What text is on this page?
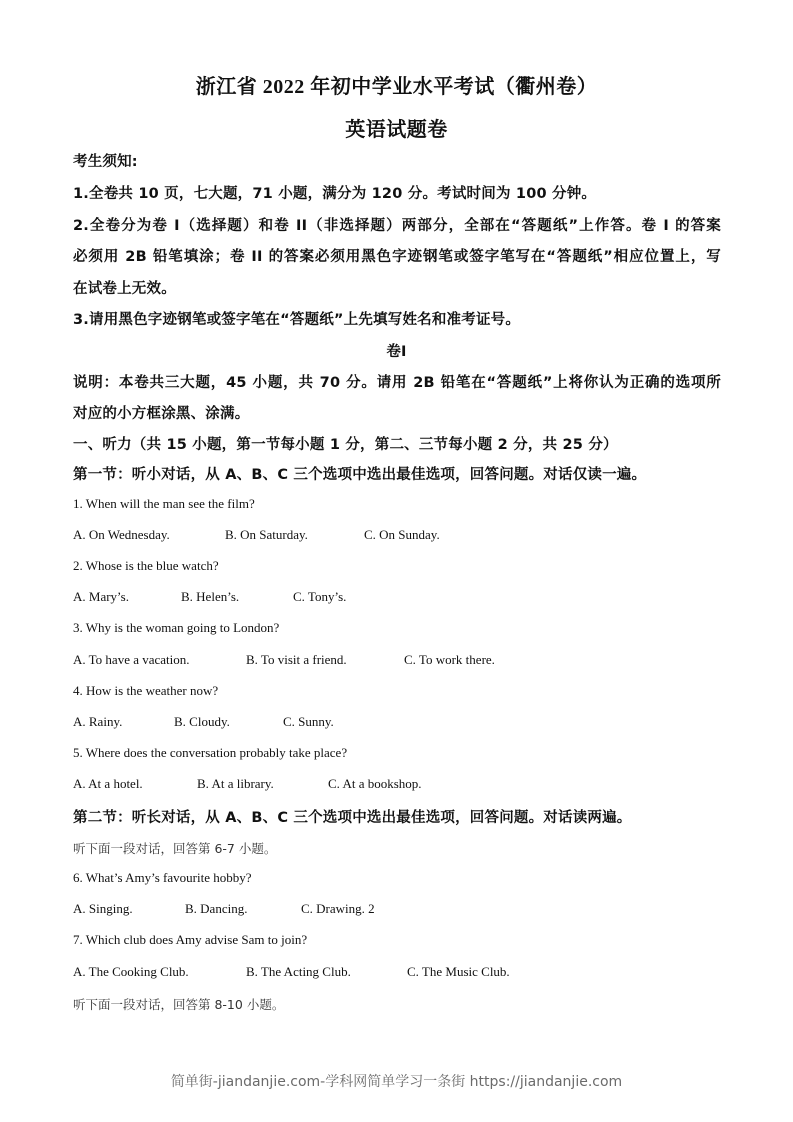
浙江省 2022 年初中学业水平考试（衢州卷）
英语试题卷
考生须知:
1.全卷共 10 页，七大题，71 小题，满分为 120 分。考试时间为 100 分钟。
2.全卷分为卷 I（选择题）和卷 II（非选择题）两部分，全部在“答题纸”上作答。卷 I 的答案
必须用 2B 铅笔填涂；卷 II 的答案必须用黑色字迹钢笔或签字笔写在“答题纸”相应位置上，写
在试卷上无效。
3.请用黑色字迹钢笔或签字笔在“答题纸”上先填写姓名和准考证号。
卷I
说明：本卷共三大题，45 小题，共 70 分。请用 2B 铅笔在“答题纸”上将你认为正确的选项所
对应的小方框涂黑、涂满。
一、听力（共 15 小题，第一节每小题 1 分，第二、三节每小题 2 分，共 25 分）
第一节：听小对话，从 A、B、C 三个选项中选出最佳选项，回答问题。对话仅读一遍。
1. When will the man see the film?
A. On Wednesday.	B. On Saturday.	C. On Sunday.
2. Whose is the blue watch?
A. Mary’s.	B. Helen’s.	C. Tony’s.
3. Why is the woman going to London?
A. To have a vacation.	B. To visit a friend.	C. To work there.
4. How is the weather now?
A. Rainy.	B. Cloudy.	C. Sunny.
5. Where does the conversation probably take place?
A. At a hotel.	B. At a library.	C. At a bookshop.
第二节：听长对话，从 A、B、C 三个选项中选出最佳选项，回答问题。对话读两遍。
听下面一段对话，回答第 6-7 小题。
6. What’s Amy’s favourite hobby?
A. Singing.	B. Dancing.	C. Drawing. 2
7. Which club does Amy advise Sam to join?
A. The Cooking Club.	B. The Acting Club.	C. The Music Club.
听下面一段对话，回答第 8-10 小题。
简单街-jiandanjie.com-学科网简单学习一条街 https://jiandanjie.com
